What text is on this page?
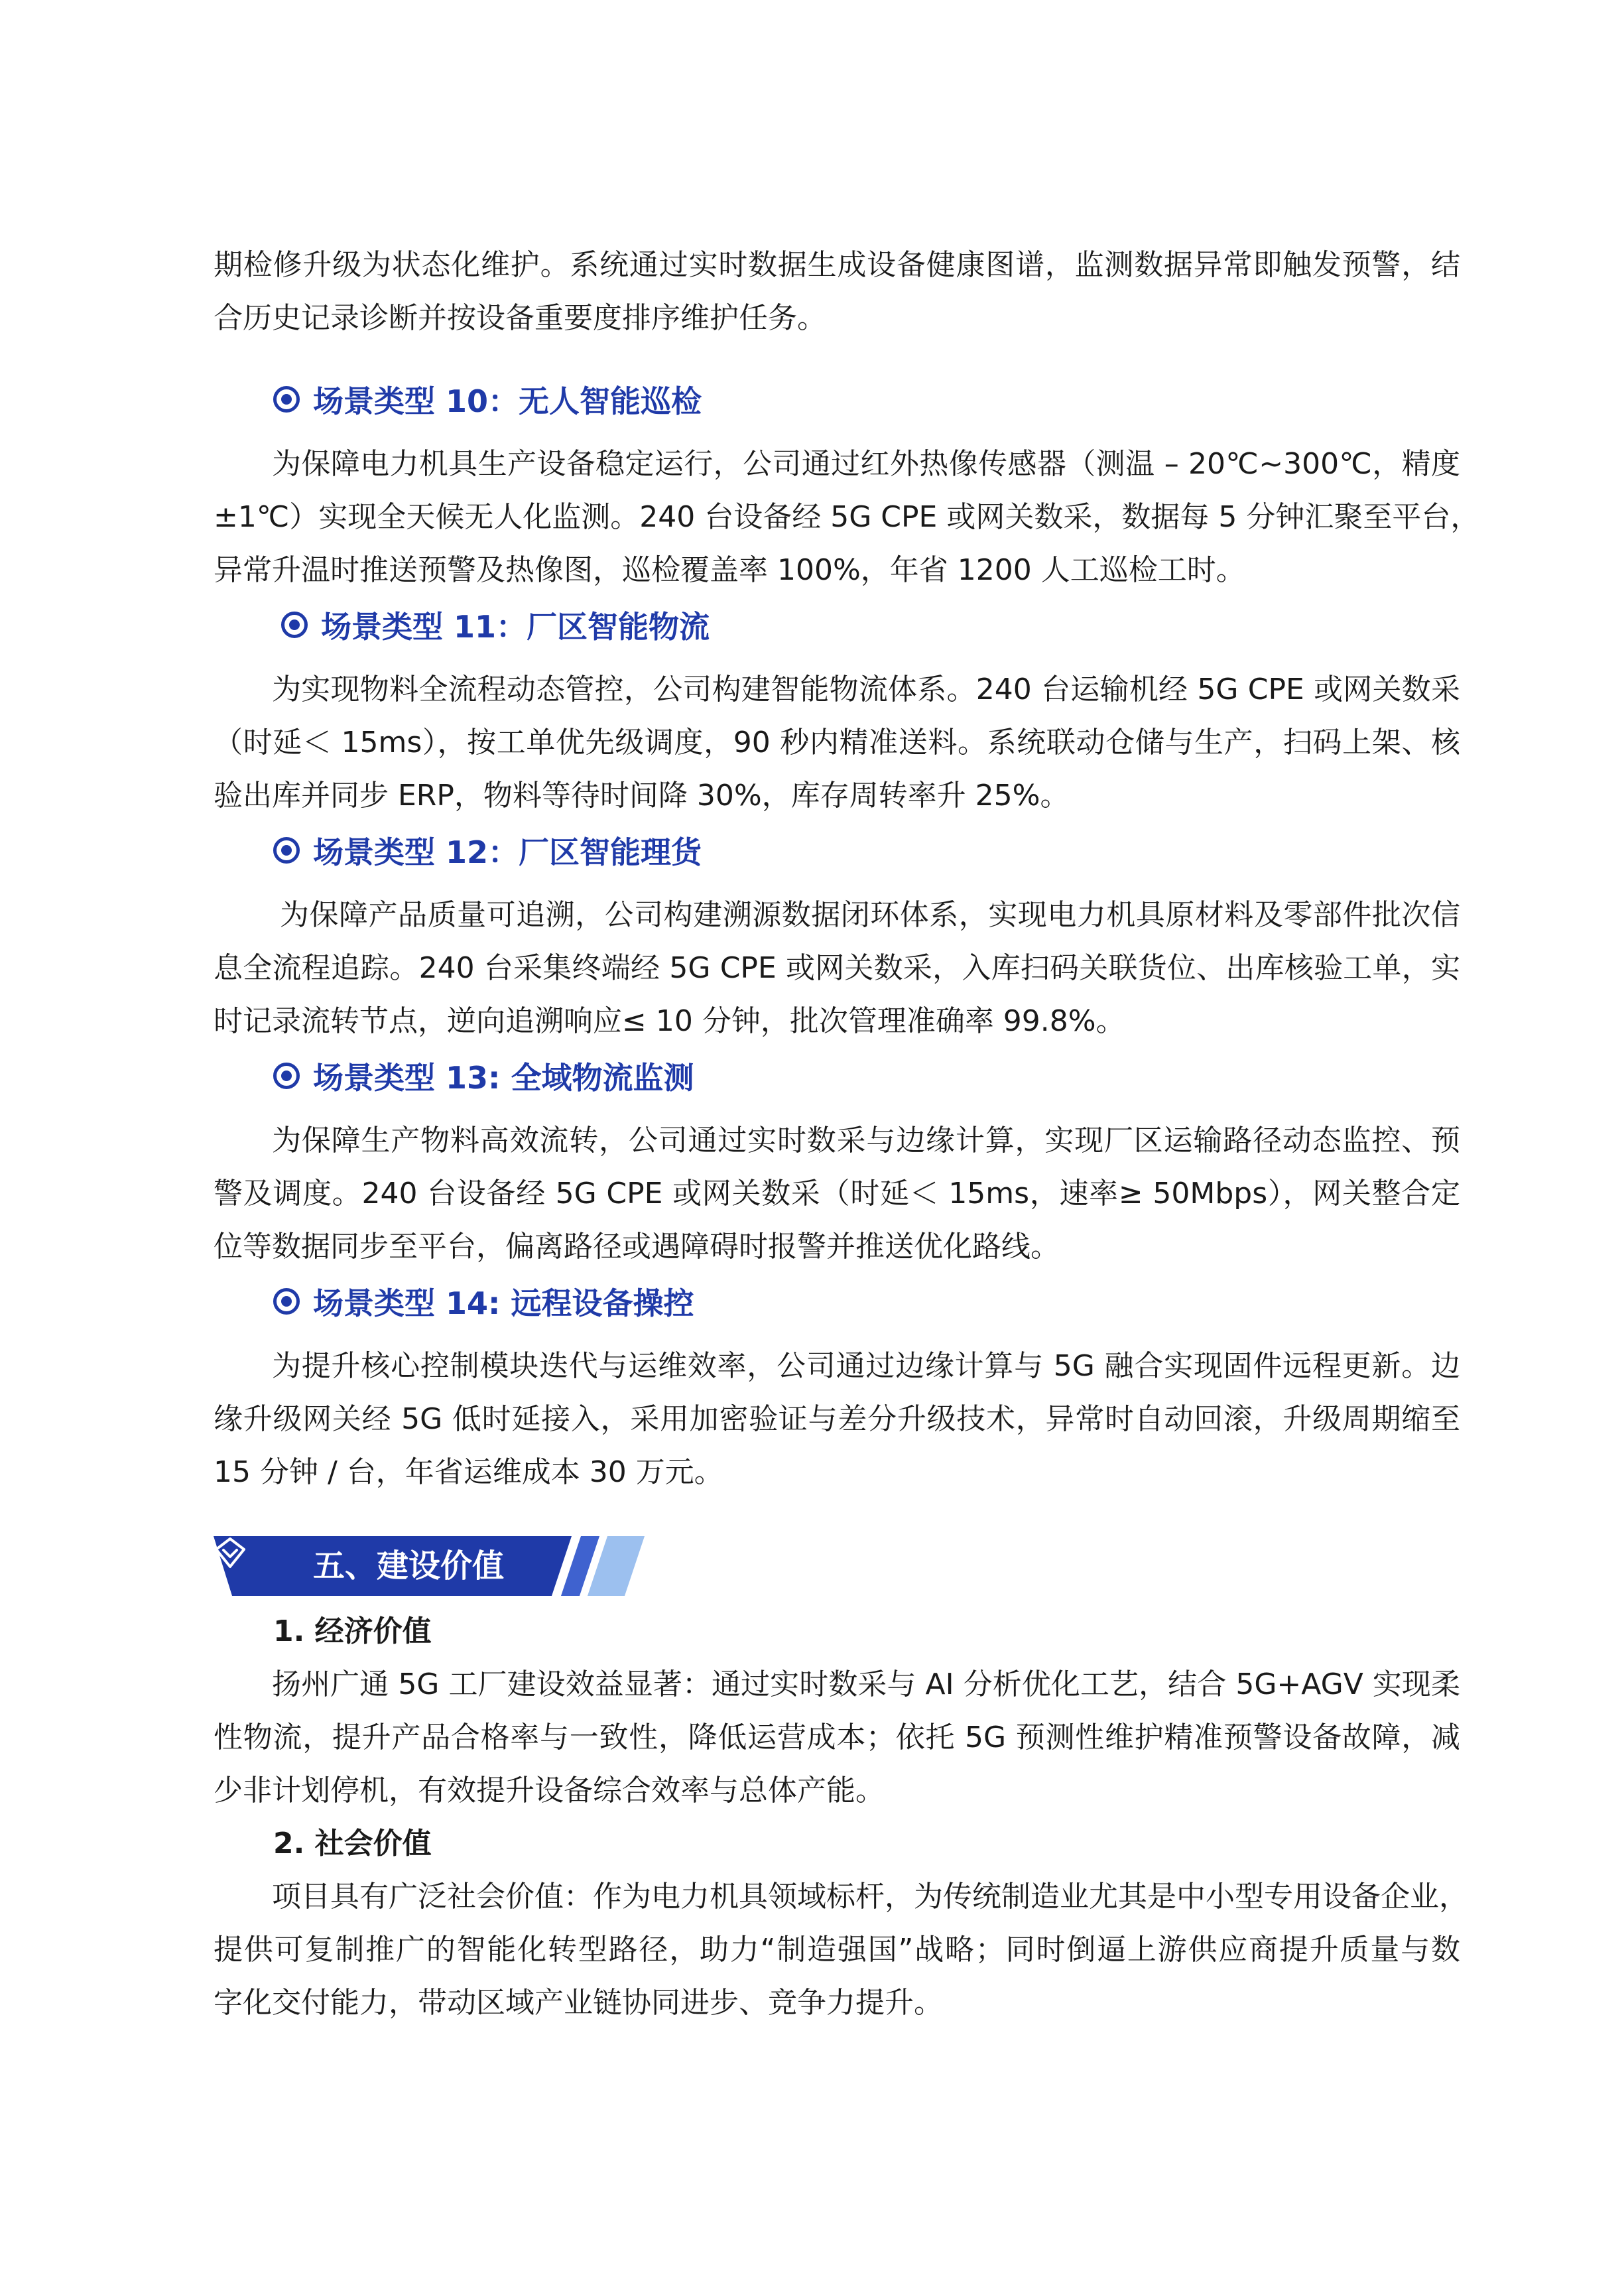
期检修升级为状态化维护。系统通过实时数据生成设备健康图谱，监测数据异常即触发预警，结
合历史记录诊断并按设备重要度排序维护任务。

场景类型 10：无人智能巡检

为保障电力机具生产设备稳定运行，公司通过红外热像传感器（测温 – 20℃~300℃，精度
±1℃）实现全天候无人化监测。240 台设备经 5G CPE 或网关数采，数据每 5 分钟汇聚至平台，
异常升温时推送预警及热像图，巡检覆盖率 100%，年省 1200 人工巡检工时。

场景类型 11：厂区智能物流

为实现物料全流程动态管控，公司构建智能物流体系。240 台运输机经 5G CPE 或网关数采
（时延＜ 15ms），按工单优先级调度，90 秒内精准送料。系统联动仓储与生产，扫码上架、核
验出库并同步 ERP，物料等待时间降 30%，库存周转率升 25%。

场景类型 12：厂区智能理货

为保障产品质量可追溯，公司构建溯源数据闭环体系，实现电力机具原材料及零部件批次信
息全流程追踪。240 台采集终端经 5G CPE 或网关数采，入库扫码关联货位、出库核验工单，实
时记录流转节点，逆向追溯响应≤ 10 分钟，批次管理准确率 99.8%。

场景类型 13: 全域物流监测

为保障生产物料高效流转，公司通过实时数采与边缘计算，实现厂区运输路径动态监控、预
警及调度。240 台设备经 5G CPE 或网关数采（时延＜ 15ms，速率≥ 50Mbps），网关整合定
位等数据同步至平台，偏离路径或遇障碍时报警并推送优化路线。

场景类型 14: 远程设备操控

为提升核心控制模块迭代与运维效率，公司通过边缘计算与 5G 融合实现固件远程更新。边
缘升级网关经 5G 低时延接入，采用加密验证与差分升级技术，异常时自动回滚，升级周期缩至
15 分钟 / 台，年省运维成本 30 万元。

五、建设价值
1. 经济价值

扬州广通 5G 工厂建设效益显著：通过实时数采与 AI 分析优化工艺，结合 5G+AGV 实现柔
性物流，提升产品合格率与一致性，降低运营成本；依托 5G 预测性维护精准预警设备故障，减
少非计划停机，有效提升设备综合效率与总体产能。

2. 社会价值

项目具有广泛社会价值：作为电力机具领域标杆，为传统制造业尤其是中小型专用设备企业，
提供可复制推广的智能化转型路径，助力“制造强国”战略；同时倒逼上游供应商提升质量与数
字化交付能力，带动区域产业链协同进步、竞争力提升。
